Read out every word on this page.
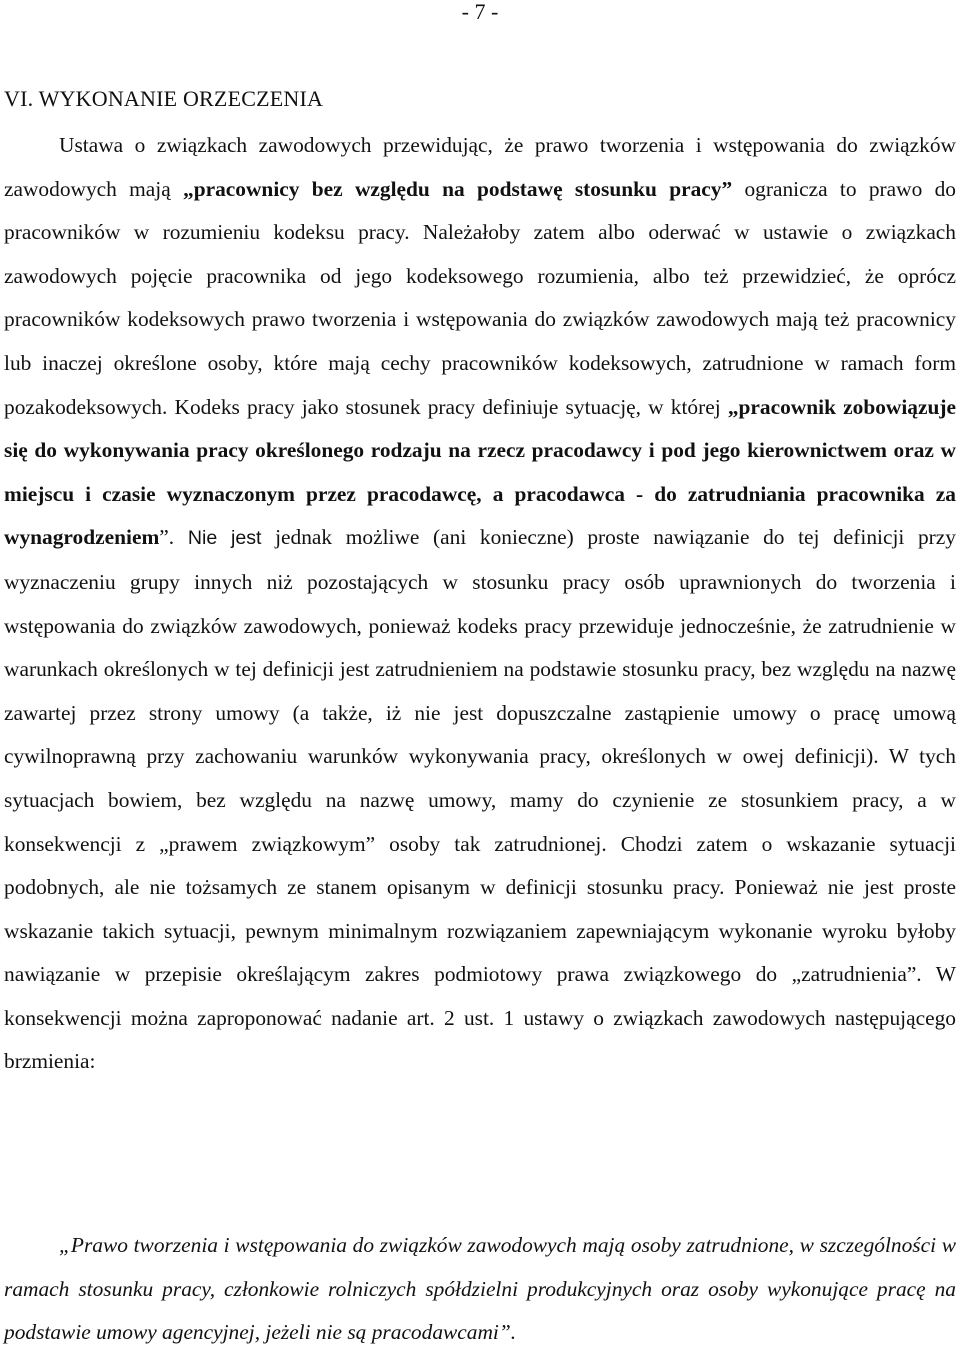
- 7 -
VI. WYKONANIE ORZECZENIA

Ustawa o związkach zawodowych przewidując, że prawo tworzenia i wstępowania do związków zawodowych mają „pracownicy bez względu na podstawę stosunku pracy” ogranicza to prawo do pracowników w rozumieniu kodeksu pracy. Należałoby zatem albo oderwać w ustawie o związkach zawodowych pojęcie pracownika od jego kodeksowego rozumienia, albo też przewidzieć, że oprócz pracowników kodeksowych prawo tworzenia i wstępowania do związków zawodowych mają też pracownicy lub inaczej określone osoby, które mają cechy pracowników kodeksowych, zatrudnione w ramach form pozakodeksowych. Kodeks pracy jako stosunek pracy definiuje sytuację, w której „pracownik zobowiązuje się do wykonywania pracy określonego rodzaju na rzecz pracodawcy i pod jego kierownictwem oraz w miejscu i czasie wyznaczonym przez pracodawcę, a pracodawca - do zatrudniania pracownika za wynagrodzeniem”. Nie jest jednak możliwe (ani konieczne) proste nawiązanie do tej definicji przy wyznaczeniu grupy innych niż pozostających w stosunku pracy osób uprawnionych do tworzenia i wstępowania do związków zawodowych, ponieważ kodeks pracy przewiduje jednocześnie, że zatrudnienie w warunkach określonych w tej definicji jest zatrudnieniem na podstawie stosunku pracy, bez względu na nazwę zawartej przez strony umowy (a także, iż nie jest dopuszczalne zastąpienie umowy o pracę umową cywilnoprawną przy zachowaniu warunków wykonywania pracy, określonych w owej definicji). W tych sytuacjach bowiem, bez względu na nazwę umowy, mamy do czynienie ze stosunkiem pracy, a w konsekwencji z „prawem związkowym” osoby tak zatrudnionej. Chodzi zatem o wskazanie sytuacji podobnych, ale nie tożsamych ze stanem opisanym w definicji stosunku pracy. Ponieważ nie jest proste wskazanie takich sytuacji, pewnym minimalnym rozwiązaniem zapewniającym wykonanie wyroku byłoby nawiązanie w przepisie określającym zakres podmiotowy prawa związkowego do „zatrudnienia”. W konsekwencji można zaproponować nadanie art. 2 ust. 1 ustawy o związkach zawodowych następującego brzmienia:

„Prawo tworzenia i wstępowania do związków zawodowych mają osoby zatrudnione, w szczególności w ramach stosunku pracy, członkowie rolniczych spółdzielni produkcyjnych oraz osoby wykonujące pracę na podstawie umowy agencyjnej, jeżeli nie są pracodawcami”.
